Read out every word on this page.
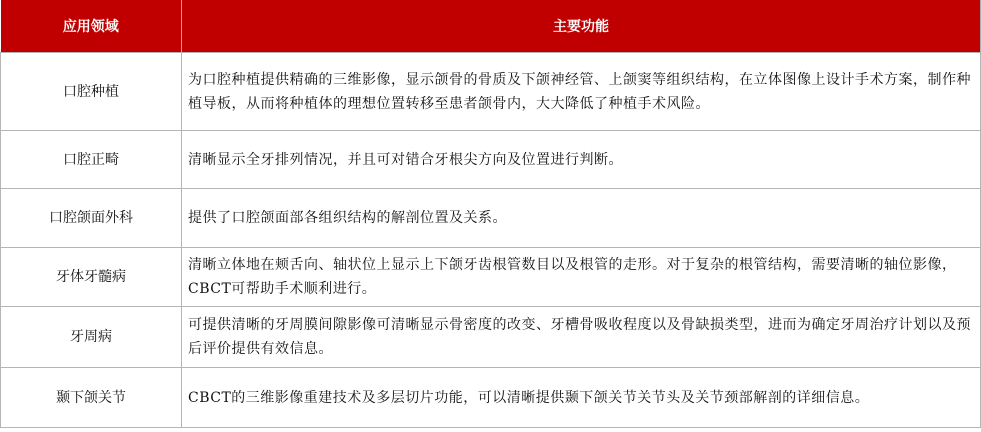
应用领域	主要功能
口腔种植	为口腔种植提供精确的三维影像，显示颌骨的骨质及下颌神经管、上颌窦等组织结构，在立体图像上设计手术方案，制作种植导板，从而将种植体的理想位置转移至患者颌骨内，大大降低了种植手术风险。
口腔正畸	清晰显示全牙排列情况，并且可对错合牙根尖方向及位置进行判断。
口腔颌面外科	提供了口腔颌面部各组织结构的解剖位置及关系。
牙体牙髓病	清晰立体地在颊舌向、轴状位上显示上下颌牙齿根管数目以及根管的走形。对于复杂的根管结构，需要清晰的轴位影像，CBCT可帮助手术顺利进行。
牙周病	可提供清晰的牙周膜间隙影像可清晰显示骨密度的改变、牙槽骨吸收程度以及骨缺损类型，进而为确定牙周治疗计划以及预后评价提供有效信息。
颞下颌关节	CBCT的三维影像重建技术及多层切片功能，可以清晰提供颞下颌关节关节头及关节颈部解剖的详细信息。
